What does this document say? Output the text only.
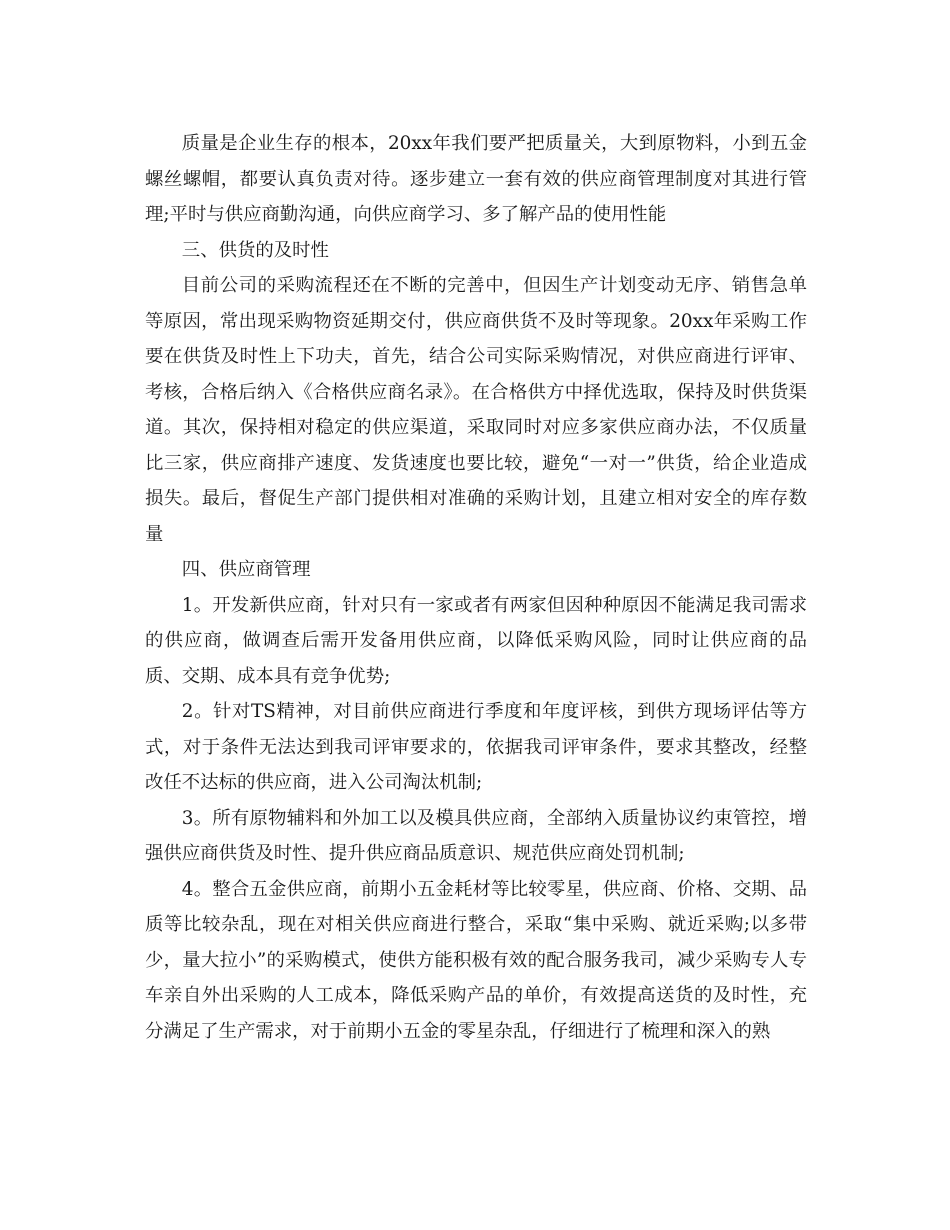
质量是企业生存的根本，20xx年我们要严把质量关，大到原物料，小到五金螺丝螺帽，都要认真负责对待。逐步建立一套有效的供应商管理制度对其进行管理;平时与供应商勤沟通，向供应商学习、多了解产品的使用性能

三、供货的及时性

目前公司的采购流程还在不断的完善中，但因生产计划变动无序、销售急单等原因，常出现采购物资延期交付，供应商供货不及时等现象。20xx年采购工作要在供货及时性上下功夫，首先，结合公司实际采购情况，对供应商进行评审、考核，合格后纳入《合格供应商名录》。在合格供方中择优选取，保持及时供货渠道。其次，保持相对稳定的供应渠道，采取同时对应多家供应商办法，不仅质量比三家，供应商排产速度、发货速度也要比较，避免“一对一”供货，给企业造成损失。最后，督促生产部门提供相对准确的采购计划，且建立相对安全的库存数量

四、供应商管理

1。开发新供应商，针对只有一家或者有两家但因种种原因不能满足我司需求的供应商，做调查后需开发备用供应商，以降低采购风险，同时让供应商的品质、交期、成本具有竞争优势;

2。针对TS精神，对目前供应商进行季度和年度评核，到供方现场评估等方式，对于条件无法达到我司评审要求的，依据我司评审条件，要求其整改，经整改任不达标的供应商，进入公司淘汰机制;

3。所有原物辅料和外加工以及模具供应商，全部纳入质量协议约束管控，增强供应商供货及时性、提升供应商品质意识、规范供应商处罚机制;

4。整合五金供应商，前期小五金耗材等比较零星，供应商、价格、交期、品质等比较杂乱，现在对相关供应商进行整合，采取“集中采购、就近采购;以多带少，量大拉小”的采购模式，使供方能积极有效的配合服务我司，减少采购专人专车亲自外出采购的人工成本，降低采购产品的单价，有效提高送货的及时性，充分满足了生产需求，对于前期小五金的零星杂乱，仔细进行了梳理和深入的熟
